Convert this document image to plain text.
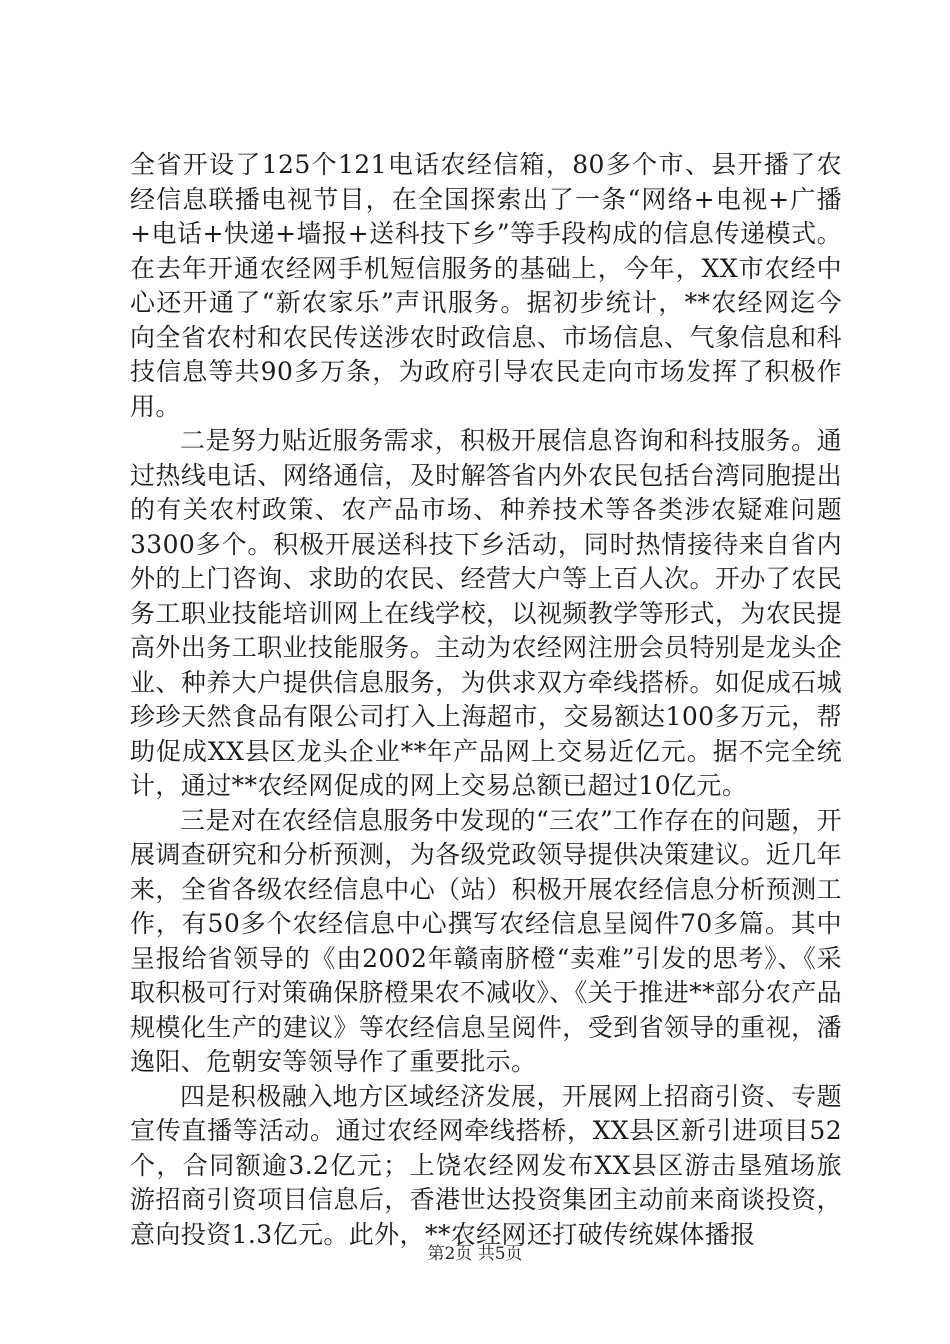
全省开设了125个121电话农经信箱，80多个市、县开播了农经信息联播电视节目，在全国探索出了一条“网络+电视+广播+电话+快递+墙报+送科技下乡”等手段构成的信息传递模式。在去年开通农经网手机短信服务的基础上，今年，XX市农经中心还开通了“新农家乐”声讯服务。据初步统计，**农经网迄今向全省农村和农民传送涉农时政信息、市场信息、气象信息和科技信息等共90多万条，为政府引导农民走向市场发挥了积极作用。

二是努力贴近服务需求，积极开展信息咨询和科技服务。通过热线电话、网络通信，及时解答省内外农民包括台湾同胞提出的有关农村政策、农产品市场、种养技术等各类涉农疑难问题3300多个。积极开展送科技下乡活动，同时热情接待来自省内外的上门咨询、求助的农民、经营大户等上百人次。开办了农民务工职业技能培训网上在线学校，以视频教学等形式，为农民提高外出务工职业技能服务。主动为农经网注册会员特别是龙头企业、种养大户提供信息服务，为供求双方牵线搭桥。如促成石城珍珍天然食品有限公司打入上海超市，交易额达100多万元，帮助促成XX县区龙头企业**年产品网上交易近亿元。据不完全统计，通过**农经网促成的网上交易总额已超过10亿元。

三是对在农经信息服务中发现的“三农”工作存在的问题，开展调查研究和分析预测，为各级党政领导提供决策建议。近几年来，全省各级农经信息中心（站）积极开展农经信息分析预测工作，有50多个农经信息中心撰写农经信息呈阅件70多篇。其中呈报给省领导的《由2002年赣南脐橙“卖难”引发的思考》、《采取积极可行对策确保脐橙果农不减收》、《关于推进**部分农产品规模化生产的建议》等农经信息呈阅件，受到省领导的重视，潘逸阳、危朝安等领导作了重要批示。

四是积极融入地方区域经济发展，开展网上招商引资、专题宣传直播等活动。通过农经网牵线搭桥，XX县区新引进项目52个，合同额逾3.2亿元；上饶农经网发布XX县区游击垦殖场旅游招商引资项目信息后，香港世达投资集团主动前来商谈投资，意向投资1.3亿元。此外，**农经网还打破传统媒体播报

第2页 共5页
